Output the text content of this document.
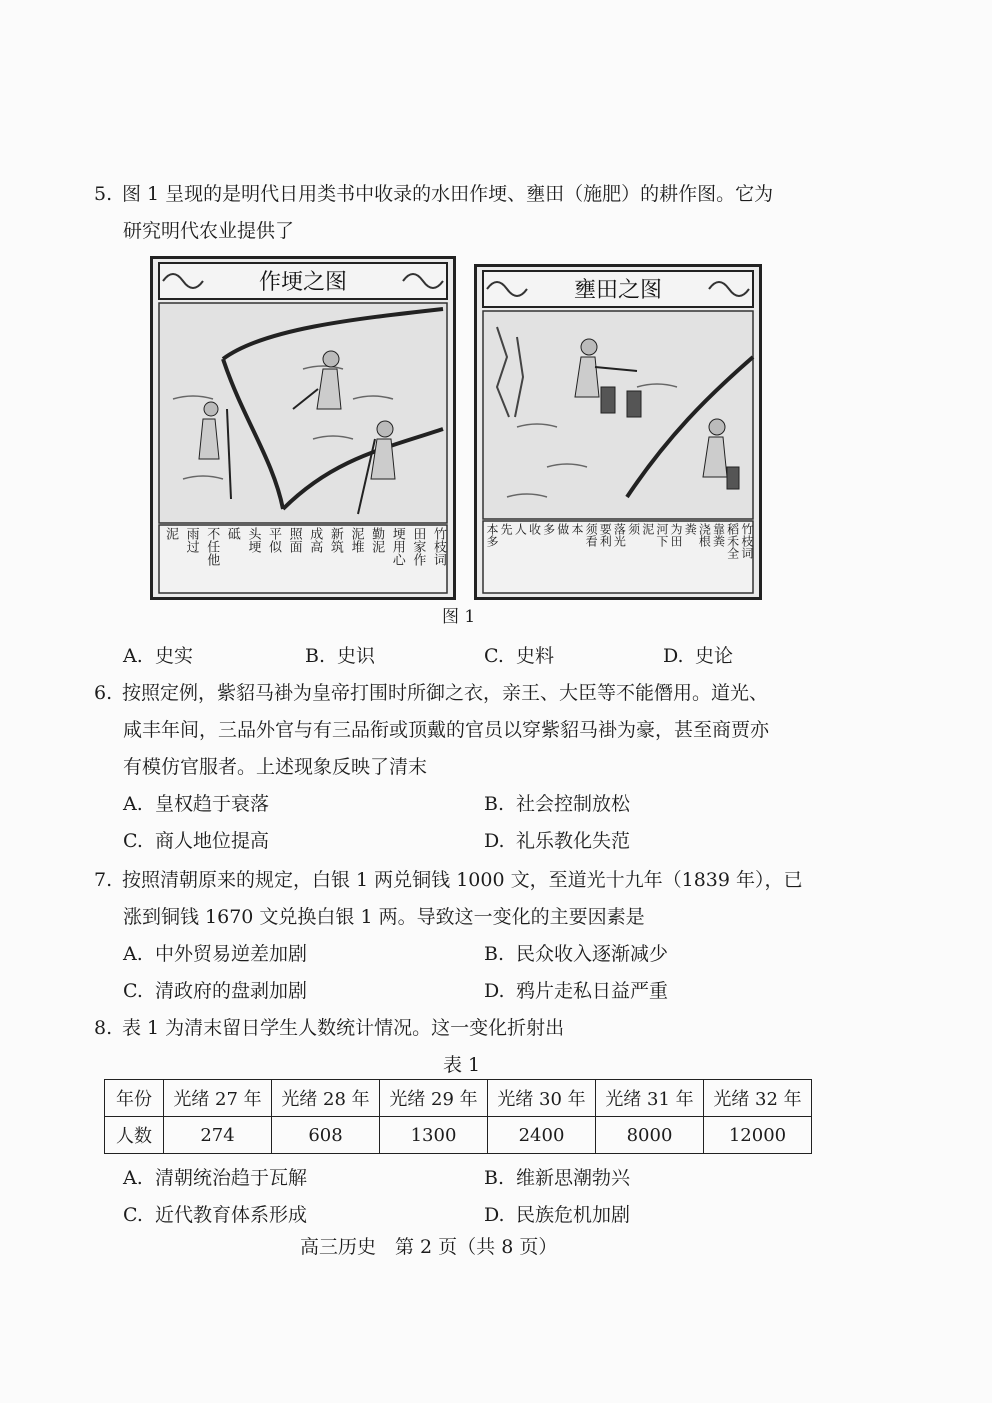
5. 图 1 呈现的是明代日用类书中收录的水田作埂、壅田（施肥）的耕作图。它为
研究明代农业提供了
作埂之图
竹枝词
田家作
埂用心
勤泥
泥堆
新筑
成高
照面
平似
头埂
砥
不任他
雨过
泥
壅田之图
竹枝词
稻禾全
靠粪
浇根
粪
为田
河下
泥
须
落光
要利
须看
本
做
多
收
人
先
本多
图 1
A. 史实	B. 史识	C. 史料	D. 史论
6. 按照定例，紫貂马褂为皇帝打围时所御之衣，亲王、大臣等不能僭用。道光、
咸丰年间，三品外官与有三品衔或顶戴的官员以穿紫貂马褂为豪，甚至商贾亦
有模仿官服者。上述现象反映了清末
A. 皇权趋于衰落	B. 社会控制放松
C. 商人地位提高	D. 礼乐教化失范
7. 按照清朝原来的规定，白银 1 两兑铜钱 1000 文，至道光十九年（1839 年），已
涨到铜钱 1670 文兑换白银 1 两。导致这一变化的主要因素是
A. 中外贸易逆差加剧	B. 民众收入逐渐减少
C. 清政府的盘剥加剧	D. 鸦片走私日益严重
8. 表 1 为清末留日学生人数统计情况。这一变化折射出
表 1
年份	光绪 27 年	光绪 28 年	光绪 29 年	光绪 30 年	光绪 31 年	光绪 32 年
人数	274	608	1300	2400	8000	12000
A. 清朝统治趋于瓦解	B. 维新思潮勃兴
C. 近代教育体系形成	D. 民族危机加剧
高三历史　第 2 页（共 8 页）
